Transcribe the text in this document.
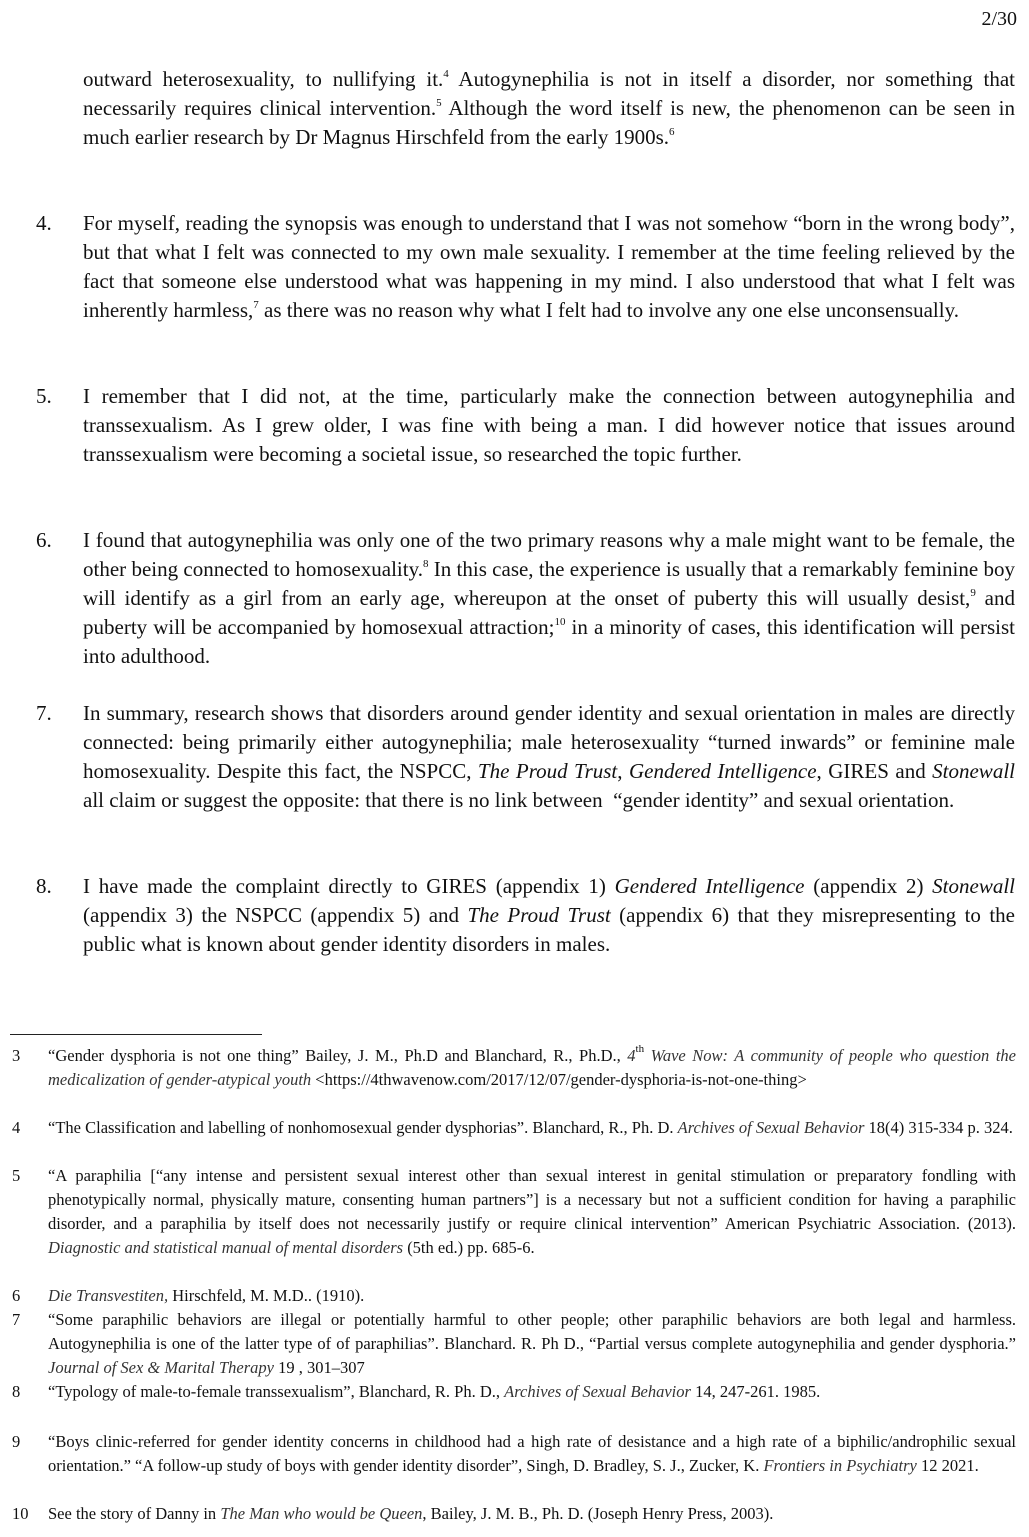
2/30
outward heterosexuality, to nullifying it.$^4$ Autogynephilia is not in itself a disorder, nor something that necessarily requires clinical intervention.$^5$ Although the word itself is new, the phenomenon can be seen in much earlier research by Dr Magnus Hirschfeld from the early 1900s.$^6$
4. For myself, reading the synopsis was enough to understand that I was not somehow “born in the wrong body”, but that what I felt was connected to my own male sexuality. I remember at the time feeling relieved by the fact that someone else understood what was happening in my mind. I also understood that what I felt was inherently harmless,$^7$ as there was no reason why what I felt had to involve any one else unconsensually.
5. I remember that I did not, at the time, particularly make the connection between autogynephilia and transsexualism. As I grew older, I was fine with being a man. I did however notice that issues around transsexualism were becoming a societal issue, so researched the topic further.
6. I found that autogynephilia was only one of the two primary reasons why a male might want to be female, the other being connected to homosexuality.$^8$ In this case, the experience is usually that a remarkably feminine boy will identify as a girl from an early age, whereupon at the onset of puberty this will usually desist,$^9$ and puberty will be accompanied by homosexual attraction;$^{10}$ in a minority of cases, this identification will persist into adulthood.
7. In summary, research shows that disorders around gender identity and sexual orientation in males are directly connected: being primarily either autogynephilia; male heterosexuality “turned inwards” or feminine male homosexuality. Despite this fact, the NSPCC, The Proud Trust, Gendered Intelligence, GIRES and Stonewall all claim or suggest the opposite: that there is no link between  “gender identity” and sexual orientation.
8. I have made the complaint directly to GIRES (appendix 1) Gendered Intelligence (appendix 2) Stonewall (appendix 3) the NSPCC (appendix 5) and The Proud Trust (appendix 6) that they misrepresenting to the public what is known about gender identity disorders in males.
3 “Gender dysphoria is not one thing” Bailey, J. M., Ph.D and Blanchard, R., Ph.D., 4th Wave Now: A community of people who question the medicalization of gender-atypical youth <https://4thwavenow.com/2017/12/07/gender-dysphoria-is-not-one-thing>
4 “The Classification and labelling of nonhomosexual gender dysphorias”. Blanchard, R., Ph. D. Archives of Sexual Behavior 18(4) 315-334 p. 324.
5 “A paraphilia [“any intense and persistent sexual interest other than sexual interest in genital stimulation or preparatory fondling with phenotypically normal, physically mature, consenting human partners”] is a necessary but not a sufficient condition for having a paraphilic disorder, and a paraphilia by itself does not necessarily justify or require clinical intervention” American Psychiatric Association. (2013). Diagnostic and statistical manual of mental disorders (5th ed.) pp. 685-6.
6 Die Transvestiten, Hirschfeld, M. M.D.. (1910).
7 “Some paraphilic behaviors are illegal or potentially harmful to other people; other paraphilic behaviors are both legal and harmless. Autogynephilia is one of the latter type of of paraphilias”. Blanchard. R. Ph D., “Partial versus complete autogynephilia and gender dysphoria.” Journal of Sex & Marital Therapy 19 , 301–307
8 “Typology of male-to-female transsexualism”, Blanchard, R. Ph. D., Archives of Sexual Behavior 14, 247-261. 1985.
9 “Boys clinic-referred for gender identity concerns in childhood had a high rate of desistance and a high rate of a biphilic/androphilic sexual orientation.” “A follow-up study of boys with gender identity disorder”, Singh, D. Bradley, S. J., Zucker, K. Frontiers in Psychiatry 12 2021.
10 See the story of Danny in The Man who would be Queen, Bailey, J. M. B., Ph. D. (Joseph Henry Press, 2003).
